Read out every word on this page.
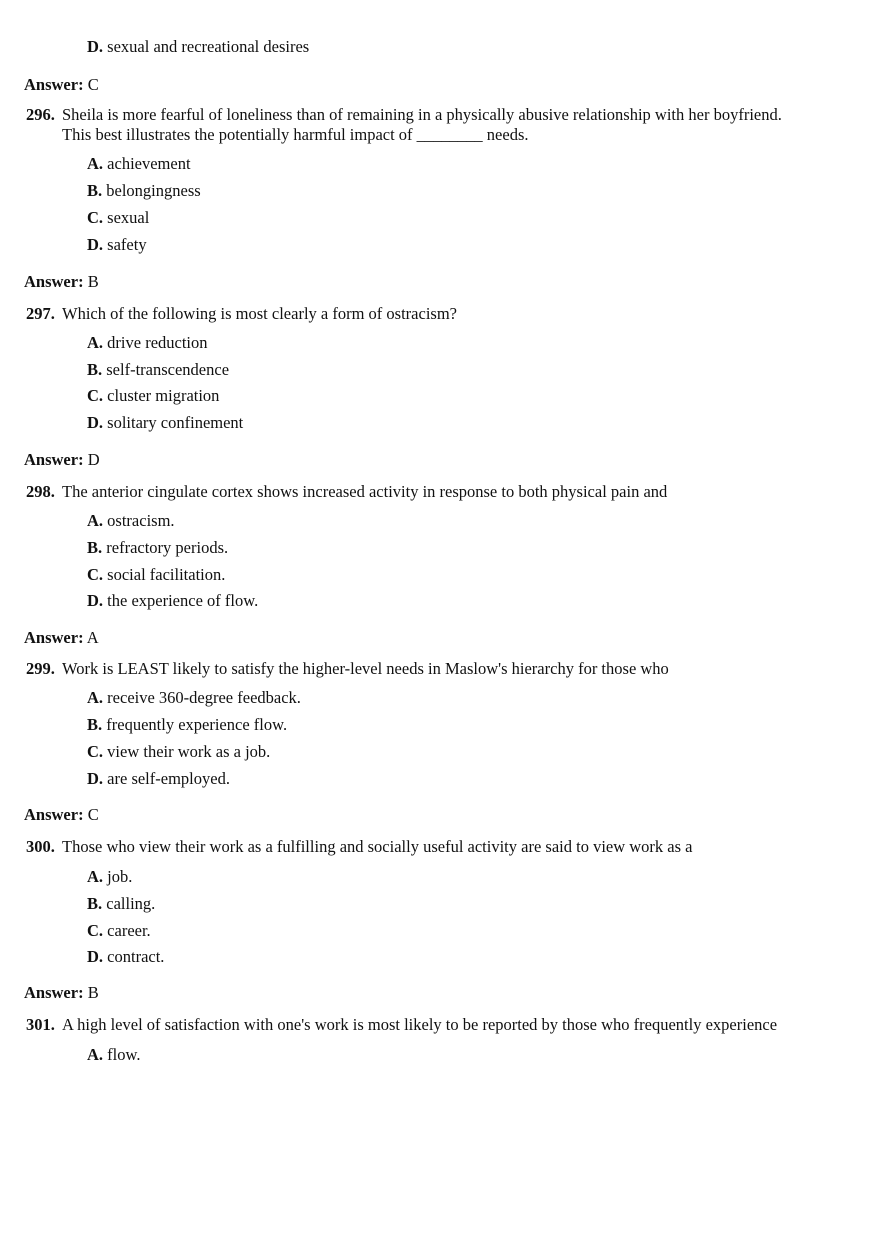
D. sexual and recreational desires
Answer: C
296. Sheila is more fearful of loneliness than of remaining in a physically abusive relationship with her boyfriend.
This best illustrates the potentially harmful impact of ________ needs.
A. achievement
B. belongingness
C. sexual
D. safety
Answer: B
297. Which of the following is most clearly a form of ostracism?
A. drive reduction
B. self-transcendence
C. cluster migration
D. solitary confinement
Answer: D
298. The anterior cingulate cortex shows increased activity in response to both physical pain and
A. ostracism.
B. refractory periods.
C. social facilitation.
D. the experience of flow.
Answer: A
299. Work is LEAST likely to satisfy the higher-level needs in Maslow's hierarchy for those who
A. receive 360-degree feedback.
B. frequently experience flow.
C. view their work as a job.
D. are self-employed.
Answer: C
300. Those who view their work as a fulfilling and socially useful activity are said to view work as a
A. job.
B. calling.
C. career.
D. contract.
Answer: B
301. A high level of satisfaction with one's work is most likely to be reported by those who frequently experience
A. flow.
